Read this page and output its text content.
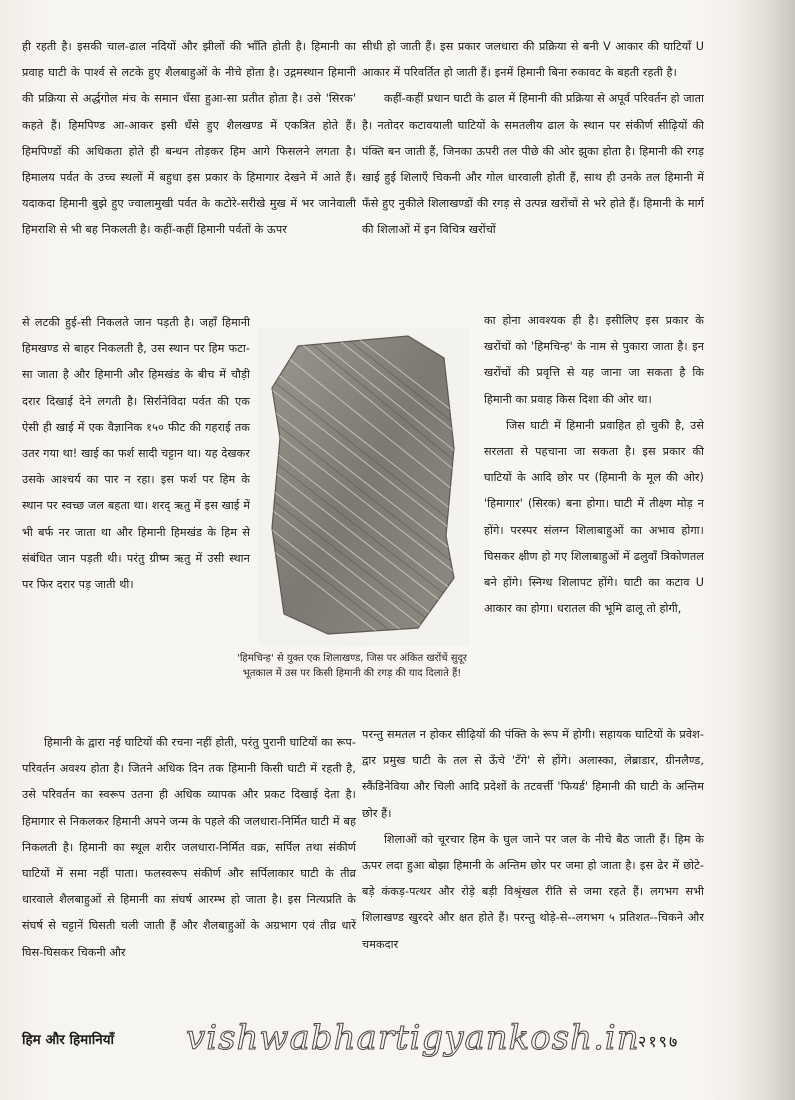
ही रहती है। इसकी चाल-ढाल नदियों और झीलों की भाँति होती है। हिमानी का प्रवाह घाटी के पार्श्व से लटके हुए शैलबाहुओं के नीचे होता है। उद्गमस्थान हिमानी की प्रक्रिया से अर्द्धगोल मंच के समान धँसा हुआ-सा प्रतीत होता है। उसे 'सिरक' कहते हैं। हिमपिण्ड आ-आकर इसी धँसे हुए शैलखण्ड में एकत्रित होते हैं। हिमपिण्डों की अधिकता होते ही बन्धन तोड़कर हिम आगे फिसलने लगता है। हिमालय पर्वत के उच्च स्थलों में बहुधा इस प्रकार के हिमागार देखने में आते हैं। यदाकदा हिमानी बुझे हुए ज्वालामुखी पर्वत के कटोरे-सरीखे मुख में भर जानेवाली हिमराशि से भी बह निकलती है। कहीं-कहीं हिमानी पर्वतों के ऊपर

से लटकी हुई-सी निकलते जान पड़ती है। जहाँ हिमानी हिमखण्ड से बाहर निकलती है, उस स्थान पर हिम फटा-सा जाता है और हिमानी और हिमखंड के बीच में चौड़ी दरार दिखाई देने लगती है। सिर्रानेविदा पर्वत की एक ऐसी ही खाई में एक वैज्ञानिक १५० फीट की गहराई तक उतर गया था! खाई का फर्श सादी चट्टान था। यह देखकर उसके आश्चर्य का पार न रहा। इस फर्श पर हिम के स्थान पर स्वच्छ जल बहता था। शरद् ऋतु में इस खाई में भी बर्फ नर जाता था और हिमानी हिमखंड के हिम से संबंधित जान पड़ती थी। परंतु ग्रीष्म ऋतु में उसी स्थान पर फिर दरार पड़ जाती थी।

हिमानी के द्वारा नई घाटियों की रचना नहीं होती, परंतु पुरानी घाटियों का रूप-परिवर्तन अवश्य होता है। जितने अधिक दिन तक हिमानी किसी घाटी में रहती है, उसे परिवर्तन का स्वरूप उतना ही अधिक व्यापक और प्रकट दिखाई देता है। हिमागार से निकलकर हिमानी अपने जन्म के पहले की जलधारा-निर्मित घाटी में बह निकलती है। हिमानी का स्थूल शरीर जलधारा-निर्मित वक्र, सर्पिल तथा संकीर्ण घाटियों में समा नहीं पाता। फलस्वरूप संकीर्ण और सर्पिलाकार घाटी के तीव्र धारवाले शैलबाहुओं से हिमानी का संघर्ष आरम्भ हो जाता है। इस नित्यप्रति के संघर्ष से चट्टानें घिसती चली जाती हैं और शैलबाहुओं के अग्रभाग एवं तीव्र धारें घिस-घिसकर चिकनी और

सीधी हो जाती हैं। इस प्रकार जलधारा की प्रक्रिया से बनी V आकार की घाटियाँ U आकार में परिवर्तित हो जाती हैं। इनमें हिमानी बिना रुकावट के बहती रहती है।

कहीं-कहीं प्रधान घाटी के ढाल में हिमानी की प्रक्रिया से अपूर्व परिवर्तन हो जाता है। नतोदर कटावयाली घाटियों के समतलीय ढाल के स्थान पर संकीर्ण सीढ़ियों की पंक्ति बन जाती हैं, जिनका ऊपरी तल पीछे की ओर झुका होता है। हिमानी की रगड़ खाई हुई शिलाएँ चिकनी और गोल धारवाली होती हैं, साथ ही उनके तल हिमानी में फँसे हुए नुकीले शिलाखण्डों की रगड़ से उत्पन्न खरोंचों से भरे होते हैं। हिमानी के मार्ग की शिलाओं में इन विचित्र खरोंचों

का होना आवश्यक ही है। इसीलिए इस प्रकार के खरोंचों को 'हिमचिन्ह' के नाम से पुकारा जाता है। इन खरोंचों की प्रवृत्ति से यह जाना जा सकता है कि हिमानी का प्रवाह किस दिशा की ओर था।

जिस घाटी में हिमानी प्रवाहित हो चुकी है, उसे सरलता से पहचाना जा सकता है। इस प्रकार की घाटियों के आदि छोर पर (हिमानी के मूल की ओर) 'हिमागार' (सिरक) बना होगा। घाटी में तीक्ष्ण मोड़ न होंगे। परस्पर संलग्न शिलाबाहुओं का अभाव होगा। घिसकर क्षीण हो गए शिलाबाहुओं में ढलुवाँ त्रिकोणतल बने होंगे। स्निग्ध शिलापट होंगे। घाटी का कटाव U आकार का होगा। धरातल की भूमि ढालू तो होगी,

परन्तु समतल न होकर सीढ़ियों की पंक्ति के रूप में होगी। सहायक घाटियों के प्रवेश-द्वार प्रमुख घाटी के तल से ऊँचे 'टँगे' से होंगे। अलास्का, लेब्राडार, ग्रीनलैण्ड, स्कैंडिनेविया और चिली आदि प्रदेशों के तटवर्त्ती 'फियर्ड' हिमानी की घाटी के अन्तिम छोर हैं।

शिलाओं को चूरचार हिम के घुल जाने पर जल के नीचे बैठ जाती हैं। हिम के ऊपर लदा हुआ बोझा हिमानी के अन्तिम छोर पर जमा हो जाता है। इस ढेर में छोटे-बड़े कंकड़-पत्थर और रोड़े बड़ी विश्रृंखल रीति से जमा रहते हैं। लगभग सभी शिलाखण्ड खुरदरे और क्षत होते हैं। परन्तु थोड़े-से--लगभग ५ प्रतिशत--चिकने और चमकदार

'हिमचिन्ह' से युक्त एक शिलाखण्ड, जिस पर अंकित खरोंचें सुदूर भूतकाल में उस पर किसी हिमानी की रगड़ की याद दिलाते हैं!
हिम और हिमानियाँ vishwabhartigyankosh.in
२१९७
